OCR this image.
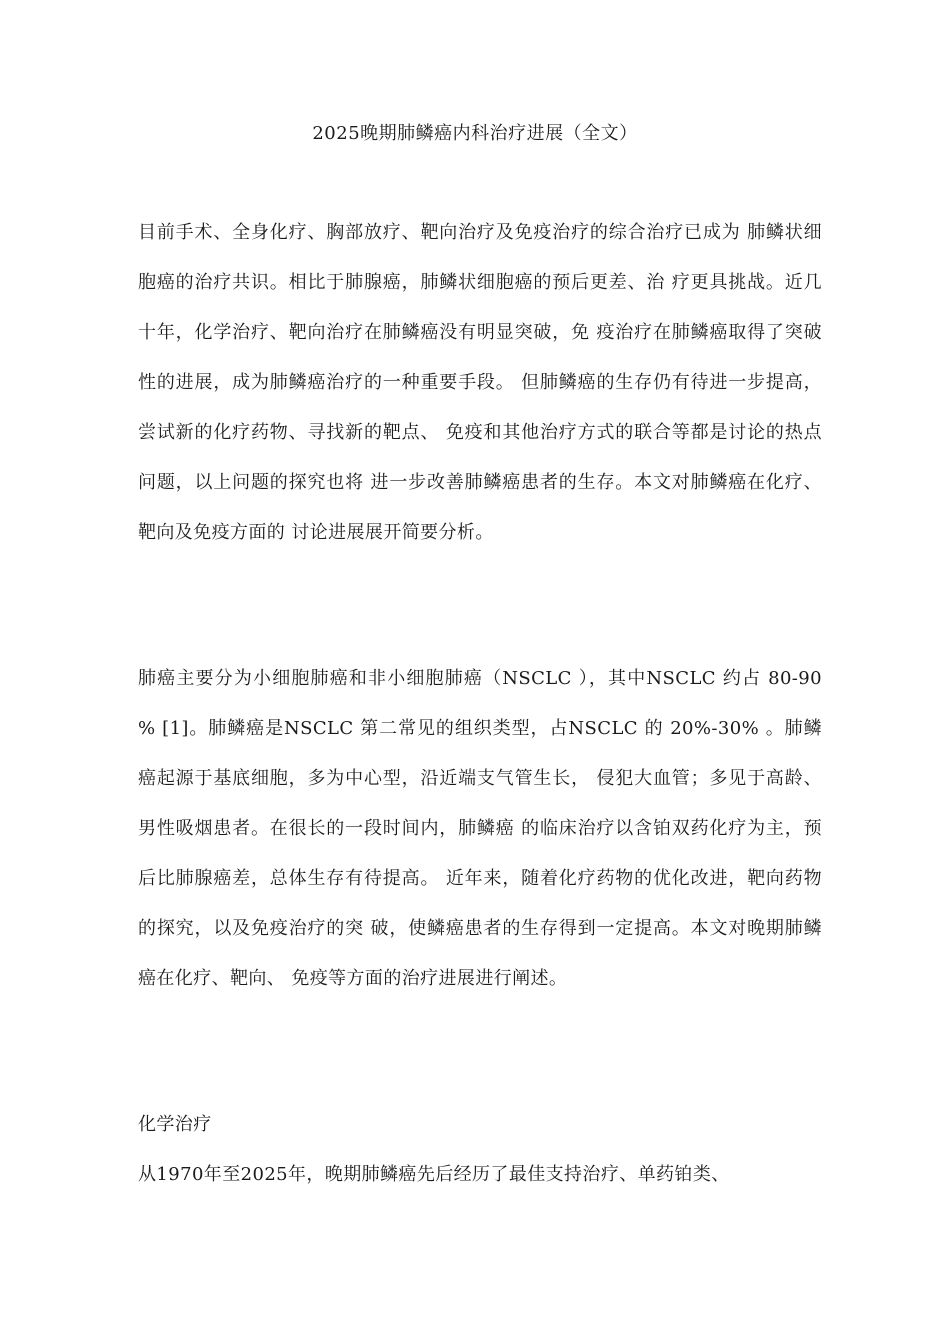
2025晚期肺鳞癌内科治疗进展（全文）

目前手术、全身化疗、胸部放疗、靶向治疗及免疫治疗的综合治疗已成为 肺鳞状细胞癌的治疗共识。相比于肺腺癌，肺鳞状细胞癌的预后更差、治 疗更具挑战。近几十年，化学治疗、靶向治疗在肺鳞癌没有明显突破，免 疫治疗在肺鳞癌取得了突破性的进展，成为肺鳞癌治疗的一种重要手段。 但肺鳞癌的生存仍有待进一步提高，尝试新的化疗药物、寻找新的靶点、 免疫和其他治疗方式的联合等都是讨论的热点问题，以上问题的探究也将 进一步改善肺鳞癌患者的生存。本文对肺鳞癌在化疗、靶向及免疫方面的 讨论进展展开简要分析。

肺癌主要分为小细胞肺癌和非小细胞肺癌（NSCLC ），其中NSCLC 约占 80-90 % [1]。肺鳞癌是NSCLC 第二常见的组织类型，占NSCLC 的 20%-30% 。肺鳞癌起源于基底细胞，多为中心型，沿近端支气管生长， 侵犯大血管；多见于高龄、男性吸烟患者。在很长的一段时间内，肺鳞癌 的临床治疗以含铂双药化疗为主，预后比肺腺癌差，总体生存有待提高。 近年来，随着化疗药物的优化改进，靶向药物的探究，以及免疫治疗的突 破，使鳞癌患者的生存得到一定提高。本文对晚期肺鳞癌在化疗、靶向、 免疫等方面的治疗进展进行阐述。

化学治疗

从1970年至2025年，晚期肺鳞癌先后经历了最佳支持治疗、单药铂类、
